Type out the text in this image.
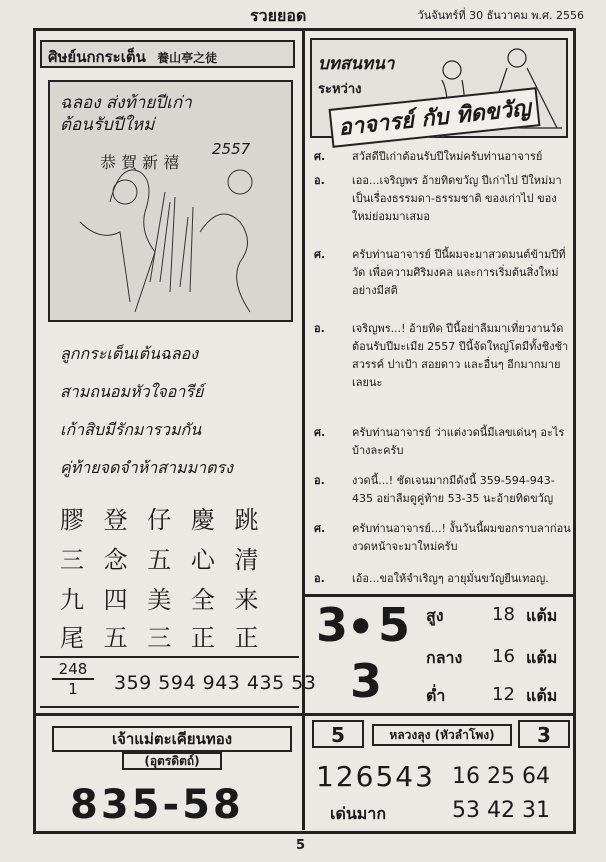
รวยยอด	วันจันทร์ที่ 30 ธันวาคม พ.ศ. 2556
ศิษย์นกกระเต็น 養山亭之徒
ฉลอง ส่งท้ายปีเก่า
ต้อนรับปีใหม่
2557
恭 賀 新 禧
ลูกกระเต็นเต้นฉลอง
สามถนอมหัวใจอารีย์
เก้าสิบมีรักมารวมกัน
คู่ท้ายจดจำห้าสามมาตรง
膠 登 仔 慶 跳
三 念 五 心 清
九 四 美 全 来
尾 五 三 正 正
$\frac{248}{1} 359$ 594 943 435 53
เจ้าแม่ตะเคียนทอง
(อุตรดิตถ์)
835-58
บทสนทนา
ระหว่าง
อาจารย์ กับ ทิดขวัญ
ศ. สวัสดีปีเก่าต้อนรับปีใหม่ครับท่านอาจารย์
อ. เออ...เจริญพร อ้ายทิดขวัญ ปีเก่าไป ปีใหม่มา เป็นเรื่องธรรมดา-ธรรมชาติ ของเก่าไป ของใหม่ย่อมมาเสมอ
ศ. ครับท่านอาจารย์ ปีนี้ผมจะมาสวดมนต์ข้ามปีที่วัด เพื่อความศิริมงคล และการเริ่มต้นสิ่งใหม่อย่างมีสติ
อ. เจริญพร...! อ้ายทิด ปีนี้อย่าลืมมาเที่ยวงานวัดต้อนรับปีมะเมีย 2557 ปีนี้จัดใหญ่โตมีทั้งชิงช้าสวรรค์ ปาเป้า สอยดาว และอื่นๆ อีกมากมายเลยนะ
ศ. ครับท่านอาจารย์ ว่าแต่งวดนี้มีเลขเด่นๆ อะไรบ้างละครับ
อ. งวดนี้...! ชัดเจนมากมีดังนี้ 359-594-943-435 อย่าลืมดูคู่ท้าย 53-35 นะอ้ายทิดขวัญ
ศ. ครับท่านอาจารย์...! งั้นวันนี้ผมขอกราบลาก่อนงวดหน้าจะมาใหม่ครับ
อ. เอ้อ...ขอให้จำเริญๆ อายุมั่นขวัญยืนเทอญ.
3 ● 5
3
สูง	18 แต้ม
กลาง 16 แต้ม
ต่ำ	12 แต้ม
5	หลวงลุง (หัวลำโพง)	3
126543 16 25 64
เด่นมาก	53 42 31
5
